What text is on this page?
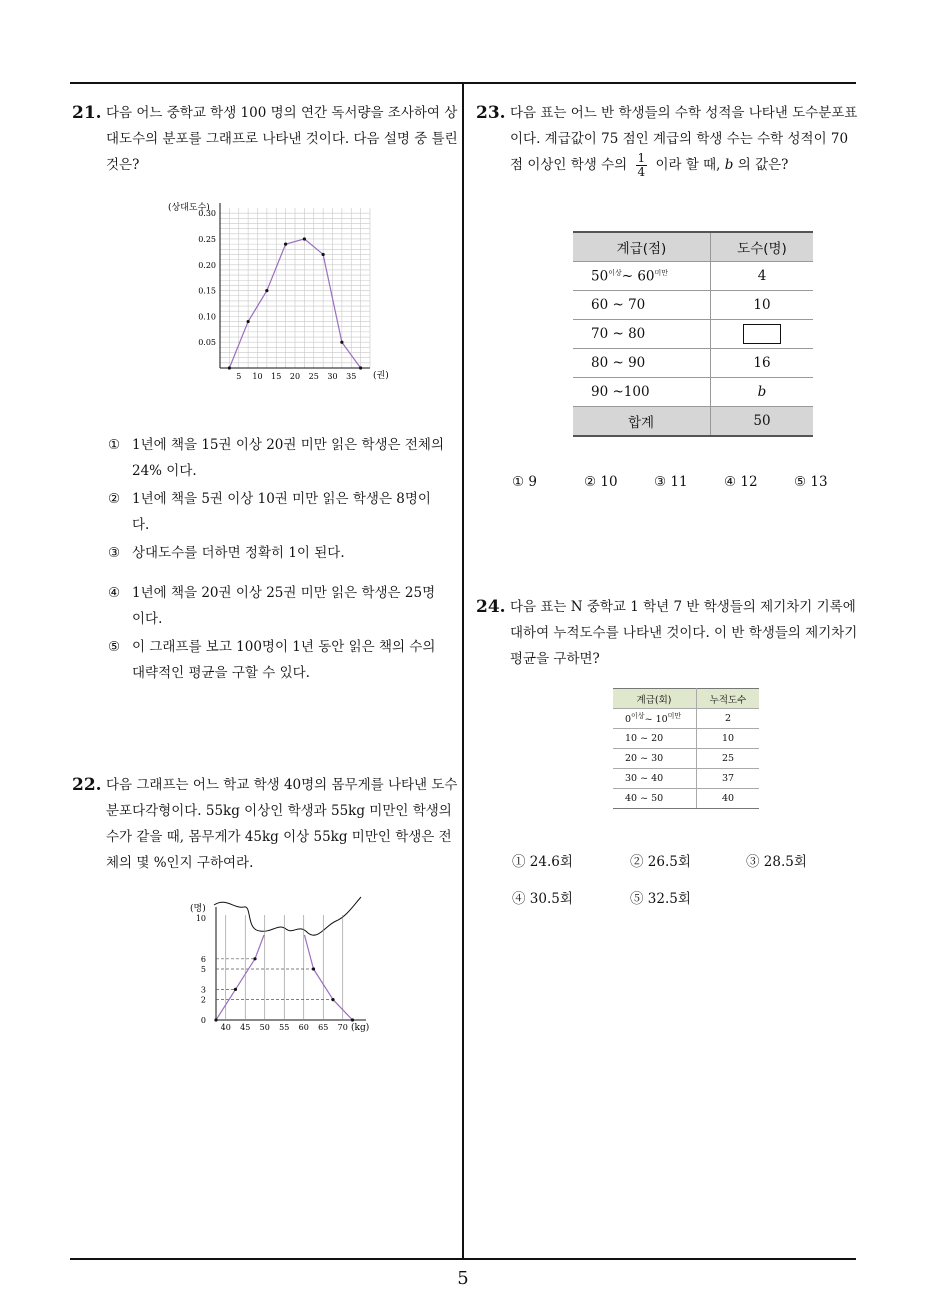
5
21. 다음 어느 중학교 학생 100 명의 연간 독서량을 조사하여 상대도수의 분포를 그래프로 나타낸 것이다. 다음 설명 중 틀린 것은?
0.30
0.25
0.20
0.15
0.10
0.05
5 10 15 20 25 30 35
(상대도수)
(권)
① 1년에 책을 15권 이상 20권 미만 읽은 학생은 전체의 24% 이다.
② 1년에 책을 5권 이상 10권 미만 읽은 학생은 8명이다.
③ 상대도수를 더하면 정확히 1이 된다.
④ 1년에 책을 20권 이상 25권 미만 읽은 학생은 25명이다.
⑤ 이 그래프를 보고 100명이 1년 동안 읽은 책의 수의 대략적인 평균을 구할 수 있다.
22. 다음 그래프는 어느 학교 학생 40명의 몸무게를 나타낸 도수분포다각형이다. 55kg 이상인 학생과 55kg 미만인 학생의 수가 같을 때, 몸무게가 45kg 이상 55kg 미만인 학생은 전체의 몇 %인지 구하여라.
10
6
5
3
2
0
40 45 50 55 60 65 70
(명)
(kg)
23. 다음 표는 어느 반 학생들의 수학 성적을 나타낸 도수분포표이다. 계급값이 75 점인 계급의 학생 수는 수학 성적이 70 점 이상인 학생 수의 $\frac{1}{4}$ 이라 할 때, b 의 값은?
계급(점)	도수(명)
$50^{이상}\sim$ $60^{미만}$	4
60 ~ 70	10
70 ~ 80	
80 ~ 90	16
90 ~100	b
합계	50
① 9	② 10	③ 11	④ 12	⑤ 13
24. 다음 표는 N 중학교 1 학년 7 반 학생들의 제기차기 기록에 대하여 누적도수를 나타낸 것이다. 이 반 학생들의 제기차기 평균을 구하면?
계급(회)	누적도수
$0^{이상}\sim$ $10^{미만}$	2
10 ~ 20	10
20 ~ 30	25
30 ~ 40	37
40 ~ 50	40
① 24.6회	② 26.5회	③ 28.5회
④ 30.5회	⑤ 32.5회
